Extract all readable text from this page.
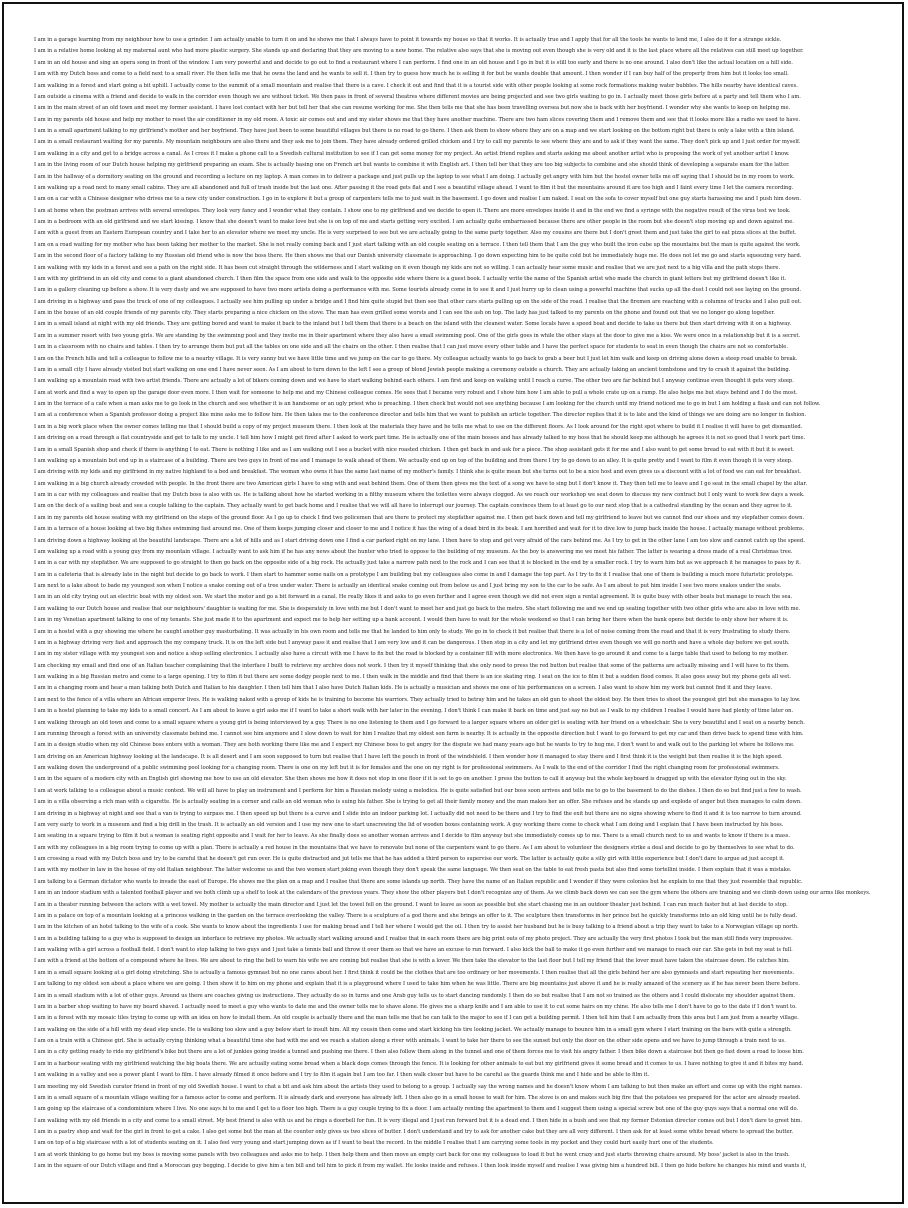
I am in a garage learning from my neighbour how to use a grinder. I am actually unable to turn it on and he shows me that I always have to point it towards my house so that it works. It is actually true and I apply that for all the tools he wants to lend me, I also do it for a strange sickle.

I am in a relative home looking at my maternal aunt who had more plastic surgery. She stands up and declaring that they are moving to a new home. The relative also says that she is moving out even though she is very old and it is the last place where all the relatives can still meet up together.

I am in an old house and sing an opera song in front of the window. I am very powerful and and decide to go out to find a restaurant where I can perform. I find one in an old house and I go in but it is still too early and there is no one around. I also don't like the actual location on a hill side.

I am with my Dutch boss and come to a field next to a small river. He then tells me that he owns the land and he wants to sell it. I then try to guess how much he is selling it for but he wants double that amount. I then wonder if I can buy half of the property from him but it looks too small.

I am walking in a forest and start going a bit uphill. I actually come to the summit of a small mountain and realise that there is a cave. I check it out and find that it is a tourist side with other people looking at some rock formations making water bubbles. The hills nearby have identical caves.

I am outside a cinema with a friend and decide to walk in the corridor even though we are without ticket. We then pass in front of several theatres where different movies are being projected and see two girls waiting to go in. I actually meet those girls before at a party and tell them who I am.

I am in the main street of an old town and meet my former assistant. I have lost contact with her but tell her that she can resume working for me. She then tells me that she has been travelling oversea but now she is back with her boyfriend. I wonder why she wants to keep on helping me.

I am in my parents old house and help my mother to reset the air conditioner in my old room. A toxic air comes out and and my sister shows me that they have another machine. There are two ham slices covering them and I remove them and see that it looks more like a radio we used to have.

I am in a small apartment talking to my girlfriend's mother and her boyfriend. They have just been to some beautiful villages but there is no road to go there. I then ask them to show where they are on a map and we start looking on the bottom right but there is only a lake with a thin island.

I am in a small restaurant waiting for my parents. My mountain neighbours are also there and they ask me to join them. They have already ordered grilled chicken and I try to call my parents to see where they are and to ask if they want the same. They don't pick up and I just order for myself.

I am walking in a city and get to a bridge across a canal. As I cross it I make a phone call to a Swedish cultural institution to see if I can get some money for my project. An artist friend replies and starts asking me about another artist who is proposing the work of yet another artist I know.

I am in the living room of our Dutch house helping my girlfriend preparing an exam. She is actually basing one on French art but wants to combine it with English art. I then tell her that they are too big subjects to combine and she should think of developing a separate exam for the latter.

I am in the hallway of a dormitory seating on the ground and recording a lecture on my laptop. A man comes in to deliver a package and just pulls up the laptop to see what I am doing. I actually get angry with him but the hostel owner tells me off saying that I should be in my room to work.

I am walking up a road next to many small cabins. They are all abandoned and full of trash inside but the last one. After passing it the road gets flat and I see a beautiful village ahead. I want to film it but the mountains around it are too high and I faint every time I let the camera recording.

I am on a car with a Chinese designer who drives me to a new city under construction. I go in to explore it but a group of carpenters tells me to just wait in the basement. I go down and realise I am naked. I seat on the sofa to cover myself but one guy starts harassing me and I push him down.

I am at home when the postman arrives with several envelopes. They look very fancy and I wonder what they contain. I show one to my girlfriend and we decide to open it. There are more envelopes inside it and in the end we find a syringe with the negative result of the virus test we took.

I am in a bedroom with an old girlfriend and we start kissing. I know that she doesn't want to make love but she is on top of me and starts getting very excited. I am actually quite embarrassed because there are other people in the room but she doesn't stop moving up and down against me.

I am with a guest from an Eastern European country and I take her to an elevator where we meet my uncle. He is very surprised to see but we are actually going to the same party together. Also my cousins are there but I don't greet them and just take the girl to eat pizza slices at the buffet.

I am on a road waiting for my mother who has been taking her mother to the market. She is not really coming back and I just start talking with an old couple seating on a terrace. I then tell them that I am the guy who built the iron cube up the mountains but the man is quite against the work.

I am in the second floor of a factory talking to my Russian old friend who is now the boss there. He then shows me that our Danish university classmate is approaching. I go down expecting him to be quite cold but he immediately hugs me. He does not let me go and starts squeezing very hard.

I am walking with my kids in a forest and see a path on the right side. It has been cut straight through the wilderness and I start walking on it even though my kids are not so willing. I can actually hear some music and realise that we are just next to a big villa and the path stops there.

I am with my girlfriend in an old city and come to a giant abandoned church. I then film the space from one side and walk to the opposite side where there is a guest book. I actually write the name of the Spanish artist who made the church in giant letters but my girlfriend doesn't like it.

I am in a gallery cleaning up before a show. It is very dusty and we are supposed to have two more artists doing a performance with me. Some tourists already come in to see it and I just hurry up to clean using a powerful machine that sucks up all the dust I could not see laying on the ground.

I am driving in a highway and pass the truck of one of my colleagues. I actually see him pulling up under a bridge and I find him quite stupid but then see that other cars starts pulling up on the side of the road. I realise that the firemen are reaching with a columns of trucks and I also pull out.

I am in the house of an old couple friends of my parents city. They starts preparing a nice chicken on the stove. The man has even grilled some worsts and I can see the ash on top. The lady has just talked to my parents on the phone and found out that we no longer go along together.

I am in a small island at night with my old friends. They are getting bored and want to make it back to the inland but I tell them that there is a beach on the island with the cleanest water. Some locals have a speed boat and decide to take us there but then start driving with it on a highway.

I am in a summer resort with two young girls. We are standing by the swimming pool and they invite me in their apartment where they also have a small swimming pool. One of the girls goes in while the other stays at the door to give me a kiss. We were once in a relationship but it is a secret.

I am in a classroom with no chairs and tables. I then try to arrange them but put all the tables on one side and all the chairs on the other. I then realise that I can just move every other table and I have the perfect space for students to seat in even though the chairs are not so comfortable.

I am on the French hills and tell a colleague to follow me to a nearby village. It is very sunny but we have little time and we jump on the car to go there. My colleague actually wants to go back to grab a beer but I just let him walk and keep on driving alone down a steep road unable to break.

I am in a small city I have already visited but start walking on one end I have never seen. As I am about to turn down to the left I see a group of blond Jewish people making a ceremony outside a church. They are actually taking an ancient tombstone and try to crash it against the building.

I am walking up a mountain road with two artist friends. There are actually a lot of bikers coming down and we have to start walking behind each others. I am first and keep on walking until I reach a curve. The other two are far behind but I anyway continue even thought it gets very steep.

I am at work and find a way to open up the garage door even more. I then wait for someone to help me and my Chinese colleague comes. He sees that I became very robust and I show him how I am able to pull a whole crate up on a ramp. He also helps me but stays behind and I do the most.

I am in the terrace of a cafe when a man asks me to go look in the church and see whether it is an handsome or an ugly priest who is preaching. I then check but would not see anything because I am looking for the church until my friend noticed me to go in but I am holding a flask and can not follow.

I am at a conference when a Spanish professor doing a project like mine asks me to follow him. He then takes me to the conference director and tells him that we want to publish an article together. The director replies that it is to late and the kind of things we are doing are no longer in fashion.

I am in a big work place when the owner comes telling me that I should build a copy of my project museum there. I then look at the materials they have and he tells me what to use on the different floors. As I look around for the right spot where to build it I realise it will have to get dismantled.

I am driving on a road through a flat countryside and get to talk to my uncle. I tell him how I might get fired after I asked to work part time. He is actually one of the main bosses and has already talked to my boss that he should keep me although he agrees it is not so good that I work part time.

I am in a small Spanish shop and check if there is anything I to eat. There is nothing I like and as I am walking out I see a bucket with nice roasted chicken. I then get back in and ask for a piece. The shop assistant gets it for me and I also want to get some bread to eat with it but it is sweet.

I am walking up a mountain but end up in a staircase of a building. There are two guys in front of me and I manage to walk ahead of them. We actually end up on top of the building and from there I try to go down to an alley. It is quite pretty and I want to film it even though it is very steep.

I am driving with my kids and my girlfriend in my native highland to a bed and breakfast. The woman who owns it has the same last name of my mother's family. I think she is quite mean but she turns out to be a nice host and even gives us a discount with a lot of food we can eat for breakfast.

I am walking in a big church already crowded with people. In the front there are two American girls I have to sing with and seat behind them. One of them then gives me the text of a song we have to sing but I don't know it. They then tell me to leave and I go seat in the small chapel by the altar.

I am in a car with my colleagues and realise that my Dutch boss is also with us. He is talking about how he started working in a filthy museum where the toilettes were always clogged. As we reach our workshop we seat down to discuss my new contract but I only want to work few days a week.

I am on the deck of a sailing boat and see a couple talking to the captain. They actually want to get back home and I realise that we will all have to interrupt our journey. The captain convinces them to at least go to our next stop that is a cathedral standing by the ocean and they agree to it.

I am in my parents old house seating with my girlfriend on the steps of the ground floor. As I go up to check I find two policemen that are there to protect my stepfather against me. I then get back down and tell my girlfriend to leave but we cannot find our shoes and my stepfather comes down.

I am in a terrace of a house looking at two big fishes swimming fast around me. One of them keeps jumping closer and closer to me and I notice it has the wing of a dead bird in its beak. I am horrified and wait for it to dive low to jump back inside the house. I actually manage without problems.

I am driving down a highway looking at the beautiful landscape. There are a lot of hills and as I start driving down one I find a car parked right on my lane. I then have to stop and get very afraid of the cars behind me. As I try to get in the other lane I am too slow and cannot catch up the speed.

I am walking up a road with a young guy from my mountain village. I actually want to ask him if he has any news about the hunter who tried to oppose to the building of my museum. As the boy is answering me we meet his father. The latter is wearing a dress made of a real Christmas tree.

I am in a car with my stepfather. We are supposed to go straight to then go back on the opposite side of a big rock. He actually just take a narrow path next to the rock and I can see that it is blocked in the end by a smaller rock. I try to warn him but as we approach it he manages to pass by it.

I am in a cafeteria that is already late in the night but decide to go back to work. I then start to hammer some nails on a prototype I am building but my colleagues also come in and I damage the top part. As I try to fix it I realise that one of them is building a much more futuristic prototype.

I am next to a lake about to bade my youngest son when I notice a snake coming out of a tree under water. There is actually an identical snake coming out from below us and I just bring my son to the car to be safe. As I am about to put him inside I see two more snakes under the seats.

I am in an old city trying out an electric boat with my oldest son. We start the motor and go a bit forward in a canal. He really likes it and asks to go even further and I agree even though we did not even sign a rental agreement. It is quite busy with other boats but manage to reach the sea.

I am walking to our Dutch house and realise that our neighbours' daughter is waiting for me. She is desperately in love with me but I don't want to meet her and just go back to the metro. She start following me and we end up seating together with two other girls who are also in love with me.

I am in my Venetian apartment talking to one of my tenants. She just made it to the apartment and expect me to help her setting up a bank account. I would then have to wait for the whole weekend so that I can bring her there when the bank opens but decide to only show her where it is.

I am in a hostel with a guy showing me where he caught another guy masturbating. It was actually in his own room and tells me that he landed to him only to study. We go in to check it but realise that there is a lot of noise coming from the road and that it is very frustrating to study there.

I am in a highway driving very fast and approach the my company truck. It is on the left side but I anyway pass it and realise that I am very low and it can be dangerous. I then stop in a city and let my girlfriend drive even though we will go north and have a whole day before we get south.

I am in my sister village with my youngest son and notice a shop selling electronics. I actually also have a circuit with me I have to fix but the road is blocked by a container fill with more electronics. We then have to go around it and come to a large table that used to belong to my mother.

I am checking my email and find one of an Italian teacher complaining that the interface I built to retrieve my archive does not work. I then try it myself thinking that she only need to press the red button but realise that some of the patterns are actually missing and I will have to fix them.

I am walking in a big Russian metro and come to a large opening. I try to film it but there are some dodgy people next to me. I then walk in the middle and find that there is an ice skating ring. I seat on the ice to film it but a sudden flood comes. It also goes away but my phone gets all wet.

I am in a changing room and hear a man talking both Dutch and Italian to his daughter. I then tell him that I also have Dutch Italian kids. He is actually a musician and shows me one of his performances on a screen. I also want to show him my work but cannot find it and they leave.

I am next to the fence of a villa where an African emperor lives. He is walking naked with a group of kids he is training to become his warriors. They actually tried to betray him and he takes an old gun to shoot the oldest boy. He then tries to shoot the youngest girl but she manages to lay low.

I am in a hostel planning to take my kids to a small concert. As I am about to leave a girl asks me if I want to take a short walk with her later in the evening. I don't think I can make it back on time and just say no but as I walk to my children I realise I would have had plenty of time later on.

I am walking through an old town and come to a small square where a young girl is being interviewed by a guy. There is no one listening to them and I go forward to a larger square where an older girl is seating with her friend on a wheelchair. She is very beautiful and I seat on a nearby bench.

I am running through a forest with an university classmate behind me. I cannot see him anymore and I slow down to wait for him I realize that my oldest son farm is nearby. It is actually in the opposite direction but I want to go forward to get my car and then drive back to spend time with him.

I am in a design studio when my old Chinese boss enters with a woman. They are both working there like me and I expect my Chinese boss to get angry for the dispute we had many years ago but he wants to try to hug me. I don't want to and walk out to the parking lot where he follows me.

I am driving on an American highway looking at the landscape. It is all desert and I am soon supposed to turn but realise that I have left the pouch in front of the windshield. I then wonder how it managed to stay there and I first think it is the weight but then realise it is the high speed.

I am walking down the underground of a public swimming pool looking for a changing room. There is one on my left but it is for females and the one on my right is for professional swimmers. As I walk to the end of the corridor I find the right changing room for professional swimmers.

I am in the square of a modern city with an English girl showing me how to use an old elevator. She then shows me how it does not stop in one floor if it is set to go on another. I press the button to call it anyway but the whole keyboard is dragged up with the elevator flying out in the sky.

I am at work talking to a colleague about a music context. We will all have to play an instrument and I perform for him a Russian melody using a melodica. He is quite satisfied but our boss soon arrives and tells me to go to the basement to do the dishes. I then do so but find just a few to wash.

I am in a villa observing a rich man with a cigarette. He is actually seating in a corner and calls an old woman who is suing his father. She is trying to get all their family money and the man makes her an offer. She refuses and he stands up and explode of anger but then manages to calm down.

I am driving in a highway at night and see that a van is trying to surpass me. I then speed up but there is a curve and I slide into an indoor parking lot. I actually did not need to be there and I try to find the exit but there are no signs showing where to find it and it is too narrow to turn around.

I am very early to work in a museum and find a big drill in the trash. It is actually an old version and I use my new one to start unscrewing the lid of wooden boxes containing work. A guy working there come to check what I am doing and I explain that I have been instructed by his boss.

I am seating in a square trying to film it but a woman is seating right opposite and I wait for her to leave. As she finally does so another woman arrives and I decide to film anyway but she immediately comes up to me. There is a small church next to us and wants to know if there is a mass.

I am with my colleagues in a big room trying to come up with a plan. There is actually a red house in the mountains that we have to renovate but none of the carpenters want to go there. As I am about to volunteer the designers strike a deal and decide to go by themselves to see what to do.

I am crossing a road with my Dutch boss and try to be careful that he doesn't get run over. He is quite distracted and jut tells me that he has added a third person to supervise our work. The latter is actually quite a silly girl with little experience but I don't dare to argue ad just accept it.

I am with my mother in law in the house of my old Italian neighbour. The latter welcome us and the two women start joking even though they don't speak the same language. We then seat on the table to eat fresh pasta but also find some tortellini inside. I then explain that it was a mistake.

I am talking to a German dictator who wants to invade the east of Europe. He shows me the plan on a map and I realise that there are some islands up north. They have the name of an Italian republic and I wonder if they were colonies but he explain to me that they just resemble that republic.

I am in an indoor stadium with a talented football player and we both climb up a shelf to look at the calendars of the previous years. They show the other players but I don't recognize any of them. As we climb back down we can see the gym where the others are training and we climb down using our arms like monkeys.

I am in a theater running between the actors with a wet towel. My mother is actually the main director and I just let the towel fell on the ground. I want to leave as soon as possible but she start chasing me in an outdoor theater just behind. I can run much faster but at last decide to stop.

I am in a palace on top of a mountain looking at a princess walking in the garden on the terrace overlooking the valley. There is a sculpture of a god there and she brings an offer to it. The sculpture then transforms in her prince but he quickly transforms into an old king until he is fully dead.

I am in the kitchen of an hotel talking to the wife of a cook. She wants to know about the ingredients I use for making bread and I tell her where I would get the oil. I then try to assist her husband but he is busy talking to a friend about a trip they want to take to a Norwegian village up north.

I am in a building talking to a guy who is supposed to design an interface to retrieve my photos. We actually start walking around and I realise that in each room there are big print outs of my photo project. They are actually the very first photos I took but the man still finds very impressive.

I am walking with a girl across a football field. I don't want to stop talking to two guys and I just take a tennis ball and throw it over them so that we have an excuse to run forward. I also kick the ball to make it go even further and we manage to reach our car. She gets in but my seat is full.

I am with a friend at the bottom of a compound where he lives. We are about to ring the bell to warn his wife we are coming but realise that she is with a lover. We then take the elevator to the last floor but I tell my friend that the lover must have taken the staircase down. He catches him.

I am in a small square looking at a girl doing stretching. She is actually a famous gymnast but no one cares about her. I first think it could be the clothes that are too ordinary or her movements. I then realise that all the girls behind her are also gymnasts and start repeating her movements.

I am talking to my oldest son about a place where we are going. I then show it to him on my phone and explain that it is a playground where I used to take him when he was little. There are big mountains just above it and he is really amazed of the scenery as if he has never been there before.

I am in a small stadium with a lot of other guys. Around us there are coaches giving us instructions. They actually do so in turns and one Arab guy tells us to start dancing randomly. I then do so but realise that I am not so trained as the others and I could dislocate my shoulder against them.

I am in a barber shop waiting to have my beard shaved. I actually need to meet a guy who wants to date me and the owner tells me to shave alone. He gives me a sharp knife and I am able to use it to cut some hairs on my chine. He also tells me I don't have to go to the date if I don't want to.

I am in a forest with my mosaic tiles trying to come up with an idea on how to install them. An old couple is actually there and the man tells me that he can talk to the major to see if I can get a building permit. I then tell him that I am actually from this area but I am just from a nearby village.

I am walking on the side of a hill with my dead step uncle. He is walking too slow and a guy below start to insult him. All my cousin then come and start kicking his tire looking jacket. We actually manage to bounce him in a small gym where I start training on the bars with quite a strength.

I am on a train with a Chinese girl. She is actually crying thinking what a beautiful time she had with me and we reach a station along a river with animals. I want to take her there to see the sunset but only the door on the other side opens and we have to jump through a train next to us.

I am in a city getting ready to ride my girlfriend's bike but there are a lot of junkies going inside a tunnel and pushing me there. I then also follow them along in the tunnel and one of them forces me to visit his angry father. I then bike down a staircase but then go fast down a road to loose him.

I am in a harbour seating with my girlfriend watching the big boats there. We are actually eating some bread when a black dogs comes through the fence. It is looking for other animals to eat but my girlfriend gives it some bread and it comes to us. I have nothing to give it and it bites my hand.

I am walking in a valley and see a power plant I want to film. I have already filmed it once before and I try to film it again but I am too far. I then walk closer but have to be careful as the guards think me and I hide and be able to film it.

I am meeting my old Swedish curator friend in front of my old Swedish house. I want to chat a bit and ask him about the artists they used to belong to a group. I actually say the wrong names and he doesn't know whom I am talking to but then make an effort and come up with the right names.

I am in a small square of a mountain village waiting for a famous actor to come and perform. It is already dark and everyone has already left. I then also go in a small house to wait for him. The stove is on and makes such big fire that the potatoes we prepared for the actor are already roasted.

I am going up the staircase of a condominium where I live. No one says hi to me and I get to a floor too high. There is a guy couple trying to fix a door. I am actually renting the apartment to them and I suggest them using a special screw but one of the guy guys says that a normal one will do.

I am walking with my old friends in a city and come to a small street. My best friend is also with us and he rings a doorbell for fun. It is very illegal and I just run forward but it is a dead end. I then hide in a bush and see that my former Estonian director comes out but I don't dare to greet him.

I am in a pastry shop and wait for the girl in front to get a cake. I also get some but the man at the counter only gives us two slices of butter. I don't understand and try to ask for another cake but they are all very different. I then ask for at least some white bread where to spread the butter.

I am on top of a big staircase with a lot of students seating on it. I also feel very young and start jumping down as if I want to beat the record. In the middle I realise that I am carrying some tools in my pocket and they could hurt easily hurt one of the students.

I am at work thinking to go home but my boss is moving some panels with two colleagues and asks me to help. I then help them and then move an empty cart back for one my colleagues to load it but he went crazy and just starts throwing chairs around. My boss' jacket is also in the trash.

I am in the square of our Dutch village and find a Moroccan guy begging. I decide to give him a ten bill and tell him to pick it from my wallet. He looks inside and refuses. I then look inside myself and realise I was giving him a hundred bill. I then go hide before he changes his mind and wants it,
